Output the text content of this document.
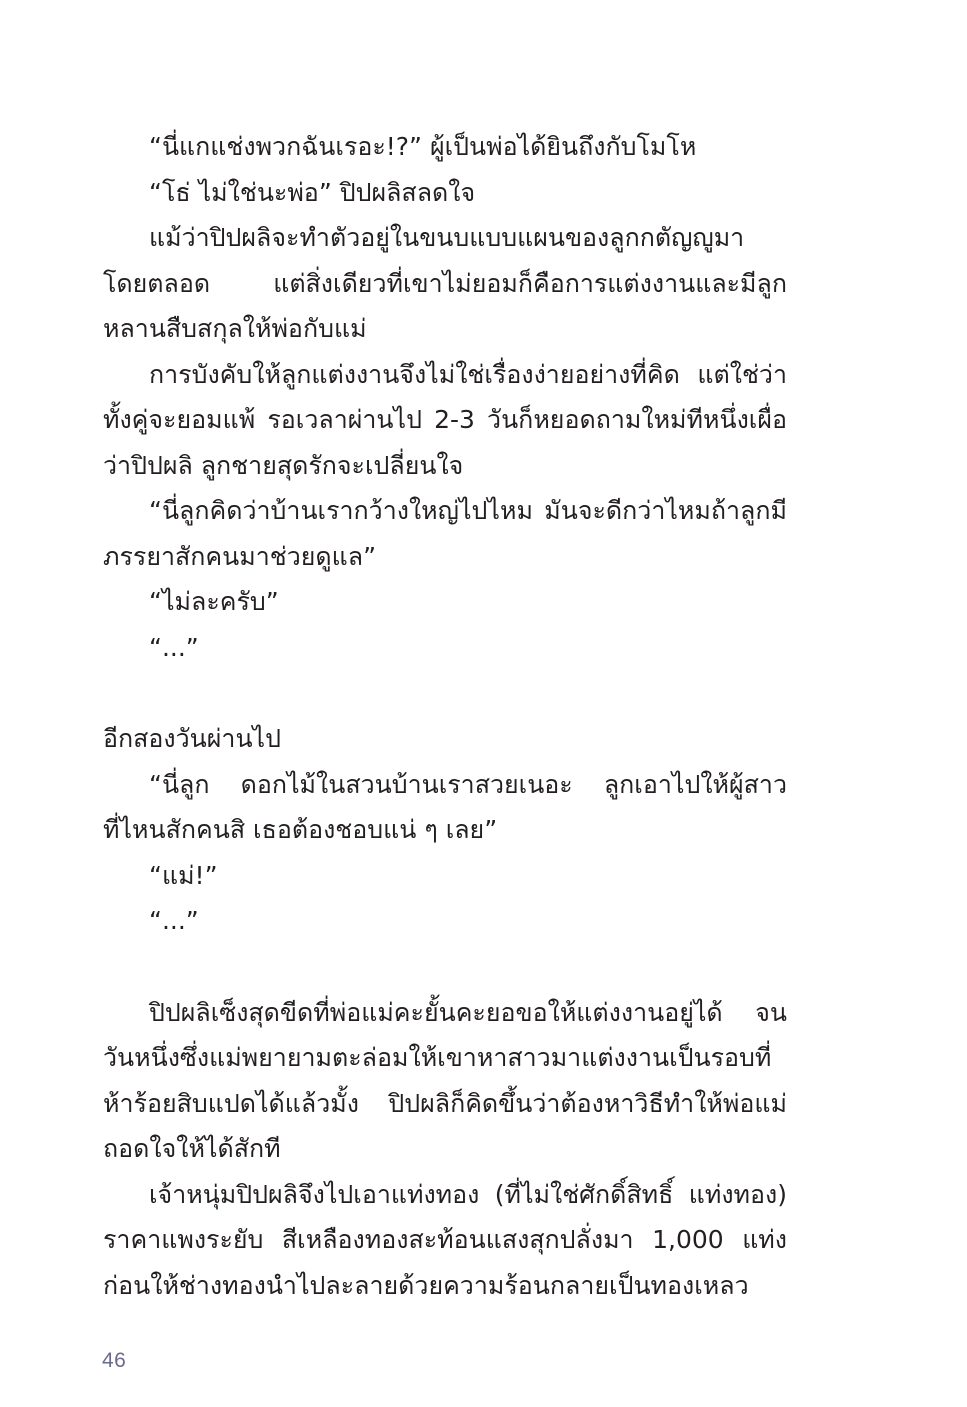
“นี่แกแช่งพวกฉันเรอะ!?” ผู้เป็นพ่อได้ยินถึงกับโมโห

“โธ่ ไม่ใช่นะพ่อ” ปิปผลิสลดใจ

แม้ว่าปิปผลิจะทำตัวอยู่ในขนบแบบแผนของลูกกตัญญูมาโดยตลอด แต่สิ่งเดียวที่เขาไม่ยอมก็คือการแต่งงานและมีลูกหลานสืบสกุลให้พ่อกับแม่

การบังคับให้ลูกแต่งงานจึงไม่ใช่เรื่องง่ายอย่างที่คิด แต่ใช่ว่าทั้งคู่จะยอมแพ้ รอเวลาผ่านไป 2-3 วันก็หยอดถามใหม่ทีหนึ่งเผื่อว่าปิปผลิ ลูกชายสุดรักจะเปลี่ยนใจ

“นี่ลูกคิดว่าบ้านเรากว้างใหญ่ไปไหม มันจะดีกว่าไหมถ้าลูกมีภรรยาสักคนมาช่วยดูแล”

“ไม่ละครับ”

“...”

อีกสองวันผ่านไป

“นี่ลูก ดอกไม้ในสวนบ้านเราสวยเนอะ ลูกเอาไปให้ผู้สาวที่ไหนสักคนสิ เธอต้องชอบแน่ ๆ เลย”

“แม่!”

“...”

ปิปผลิเซ็งสุดขีดที่พ่อแม่คะยั้นคะยอขอให้แต่งงานอยู่ได้ จนวันหนึ่งซึ่งแม่พยายามตะล่อมให้เขาหาสาวมาแต่งงานเป็นรอบที่ห้าร้อยสิบแปดได้แล้วมั้ง ปิปผลิก็คิดขึ้นว่าต้องหาวิธีทำให้พ่อแม่ถอดใจให้ได้สักที

เจ้าหนุ่มปิปผลิจึงไปเอาแท่งทอง (ที่ไม่ใช่ศักดิ์สิทธิ์ แท่งทอง) ราคาแพงระยับ สีเหลืองทองสะท้อนแสงสุกปลั่งมา 1,000 แท่ง ก่อนให้ช่างทองนำไปละลายด้วยความร้อนกลายเป็นทองเหลว

46
